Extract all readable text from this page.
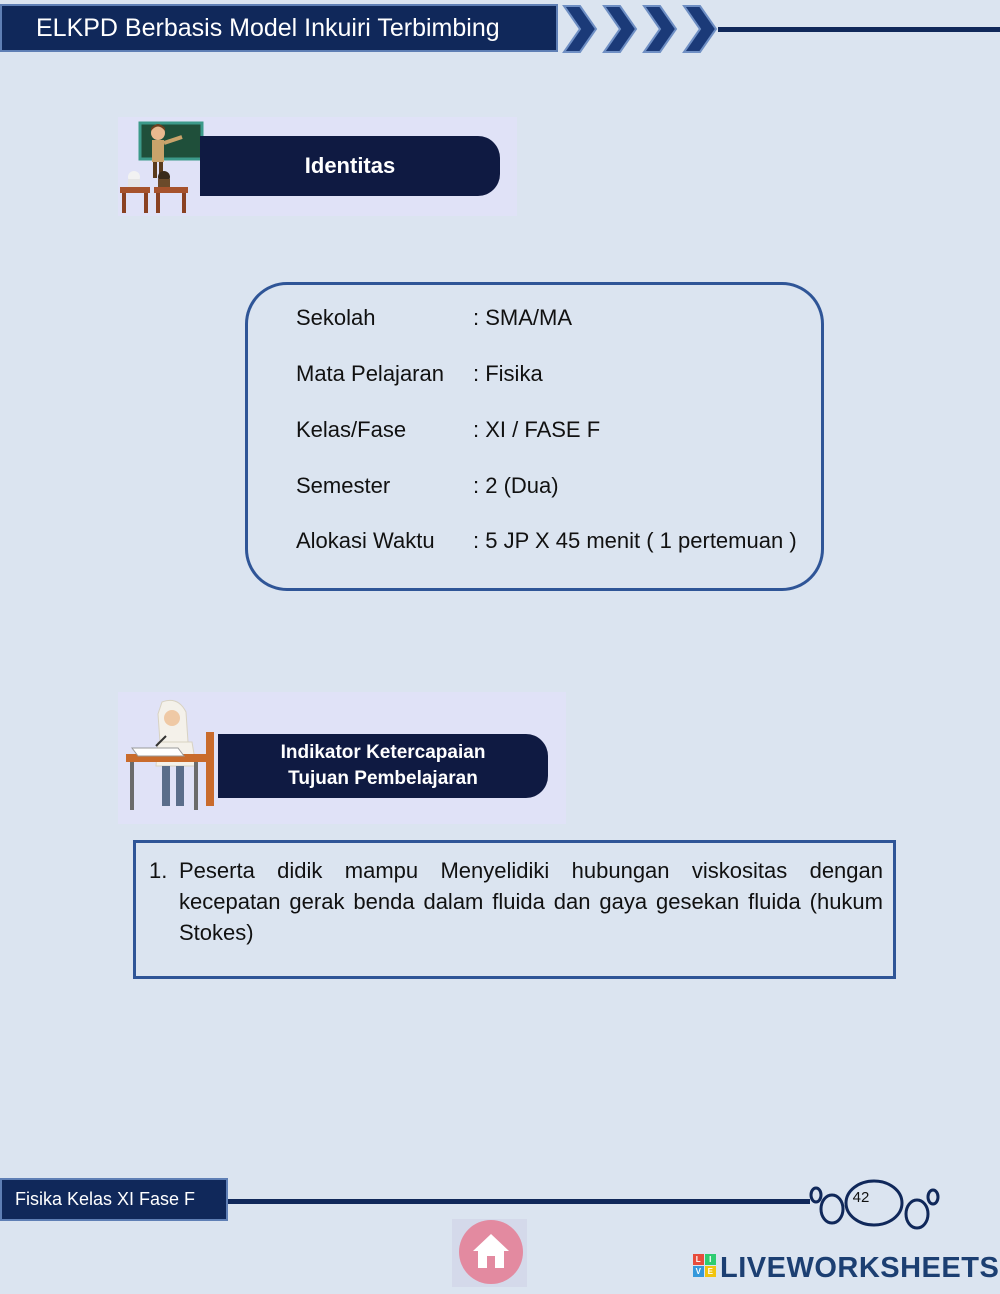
ELKPD Berbasis Model Inkuiri Terbimbing
Identitas
Sekolah	: SMA/MA
Mata Pelajaran : Fisika
Kelas/Fase	: XI / FASE F
Semester	: 2 (Dua)
Alokasi Waktu : 5 JP X 45 menit ( 1 pertemuan )
Indikator Ketercapaian
Tujuan Pembelajaran
1. Peserta didik mampu Menyelidiki hubungan viskositas dengan kecepatan gerak benda dalam fluida dan gaya gesekan fluida (hukum Stokes)
Fisika Kelas XI Fase F	42
L I
V E LIVEWORKSHEETS
